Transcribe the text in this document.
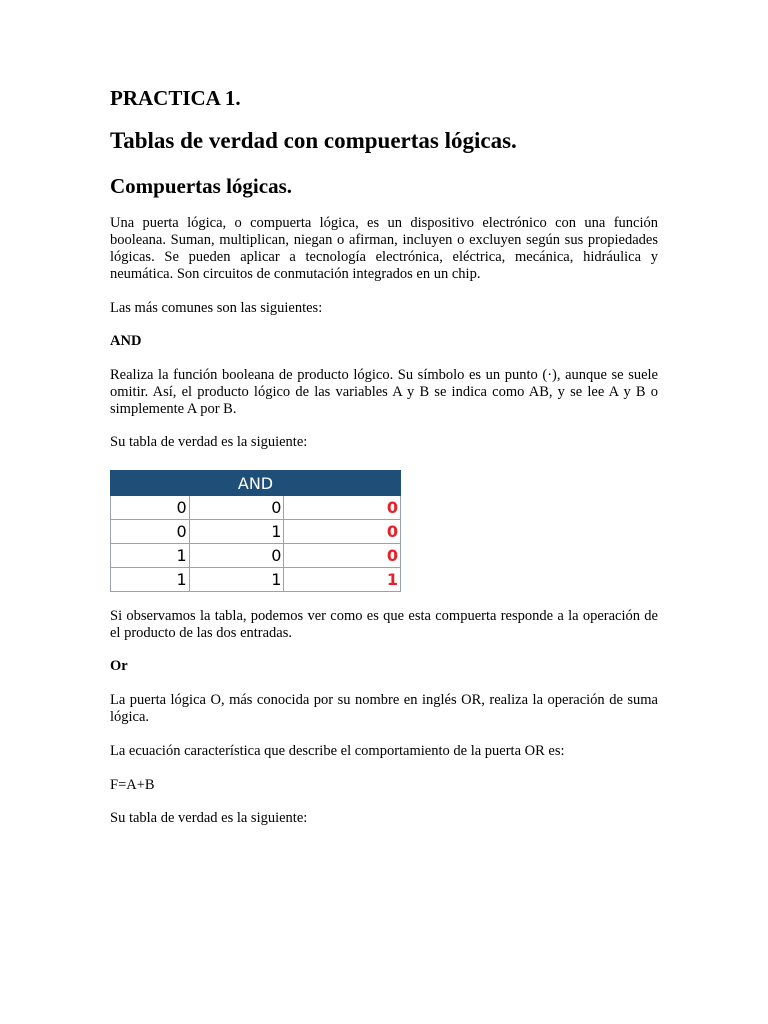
PRACTICA 1.
Tablas de verdad con compuertas lógicas.
Compuertas lógicas.

Una puerta lógica, o compuerta lógica, es un dispositivo electrónico con una función booleana. Suman, multiplican, niegan o afirman, incluyen o excluyen según sus propiedades lógicas. Se pueden aplicar a tecnología electrónica, eléctrica, mecánica, hidráulica y neumática. Son circuitos de conmutación integrados en un chip.

Las más comunes son las siguientes:

AND

Realiza la función booleana de producto lógico. Su símbolo es un punto (·), aunque se suele omitir. Así, el producto lógico de las variables A y B se indica como AB, y se lee A y B o simplemente A por B.

Su tabla de verdad es la siguiente:

AND		
0	0	0
0	1	0
1	0	0
1	1	1

Si observamos la tabla, podemos ver como es que esta compuerta responde a la operación de el producto de las dos entradas.

Or

La puerta lógica O, más conocida por su nombre en inglés OR, realiza la operación de suma lógica.

La ecuación característica que describe el comportamiento de la puerta OR es:

F=A+B

Su tabla de verdad es la siguiente:
